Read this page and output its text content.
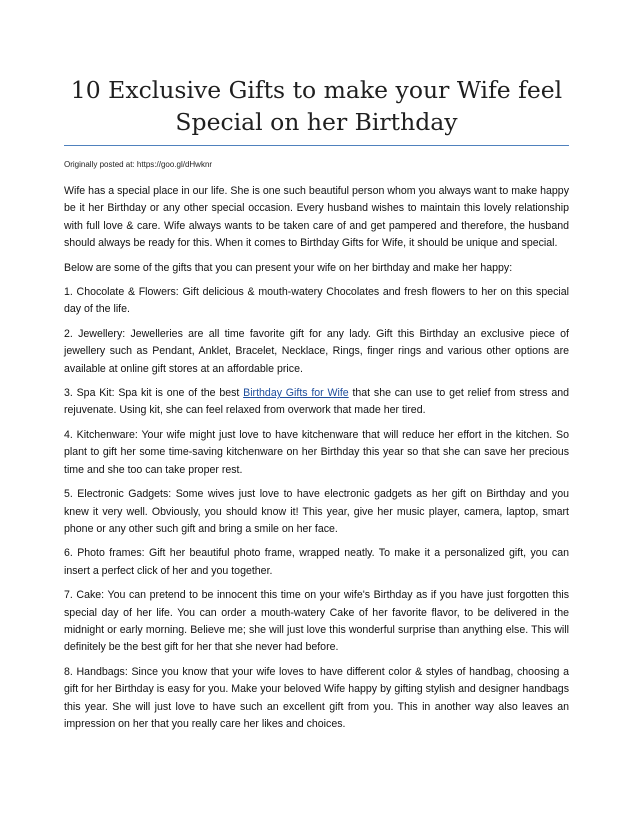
10 Exclusive Gifts to make your Wife feel
Special on her Birthday

Originally posted at: https://goo.gl/dHwknr

Wife has a special place in our life. She is one such beautiful person whom you always want to make happy be it her Birthday or any other special occasion. Every husband wishes to maintain this lovely relationship with full love & care. Wife always wants to be taken care of and get pampered and therefore, the husband should always be ready for this. When it comes to Birthday Gifts for Wife, it should be unique and special.

Below are some of the gifts that you can present your wife on her birthday and make her happy:

1. Chocolate & Flowers: Gift delicious & mouth-watery Chocolates and fresh flowers to her on this special day of the life.

2. Jewellery: Jewelleries are all time favorite gift for any lady. Gift this Birthday an exclusive piece of jewellery such as Pendant, Anklet, Bracelet, Necklace, Rings, finger rings and various other options are available at online gift stores at an affordable price.

3. Spa Kit: Spa kit is one of the best Birthday Gifts for Wife that she can use to get relief from stress and rejuvenate. Using kit, she can feel relaxed from overwork that made her tired.

4. Kitchenware: Your wife might just love to have kitchenware that will reduce her effort in the kitchen. So plant to gift her some time-saving kitchenware on her Birthday this year so that she can save her precious time and she too can take proper rest.

5. Electronic Gadgets: Some wives just love to have electronic gadgets as her gift on Birthday and you knew it very well. Obviously, you should know it! This year, give her music player, camera, laptop, smart phone or any other such gift and bring a smile on her face.

6. Photo frames: Gift her beautiful photo frame, wrapped neatly. To make it a personalized gift, you can insert a perfect click of her and you together.

7. Cake: You can pretend to be innocent this time on your wife's Birthday as if you have just forgotten this special day of her life. You can order a mouth-watery Cake of her favorite flavor, to be delivered in the midnight or early morning. Believe me; she will just love this wonderful surprise than anything else. This will definitely be the best gift for her that she never had before.

8. Handbags: Since you know that your wife loves to have different color & styles of handbag, choosing a gift for her Birthday is easy for you. Make your beloved Wife happy by gifting stylish and designer handbags this year. She will just love to have such an excellent gift from you. This in another way also leaves an impression on her that you really care her likes and choices.
